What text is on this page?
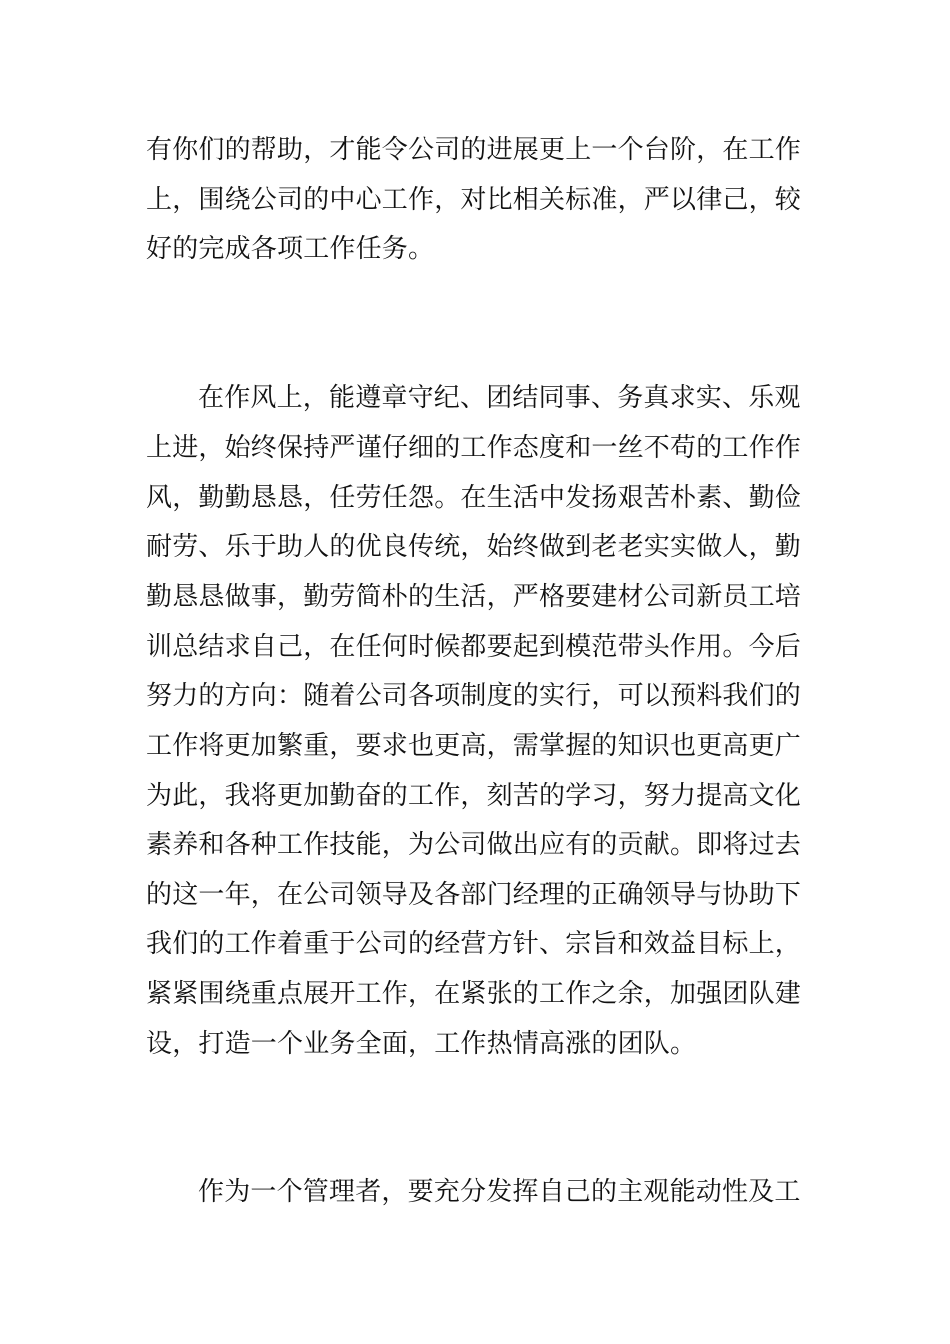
有你们的帮助，才能令公司的进展更上一个台阶，在工作

上，围绕公司的中心工作，对比相关标准，严以律己，较

好的完成各项工作任务。

在作风上，能遵章守纪、团结同事、务真求实、乐观

上进，始终保持严谨仔细的工作态度和一丝不苟的工作作

风，勤勤恳恳，任劳任怨。在生活中发扬艰苦朴素、勤俭

耐劳、乐于助人的优良传统，始终做到老老实实做人，勤

勤恳恳做事，勤劳简朴的生活，严格要建材公司新员工培

训总结求自己，在任何时候都要起到模范带头作用。今后

努力的方向：随着公司各项制度的实行，可以预料我们的

工作将更加繁重，要求也更高，需掌握的知识也更高更广

为此，我将更加勤奋的工作，刻苦的学习，努力提高文化

素养和各种工作技能，为公司做出应有的贡献。即将过去

的这一年，在公司领导及各部门经理的正确领导与协助下

我们的工作着重于公司的经营方针、宗旨和效益目标上，

紧紧围绕重点展开工作，在紧张的工作之余，加强团队建

设，打造一个业务全面，工作热情高涨的团队。

作为一个管理者，要充分发挥自己的主观能动性及工
